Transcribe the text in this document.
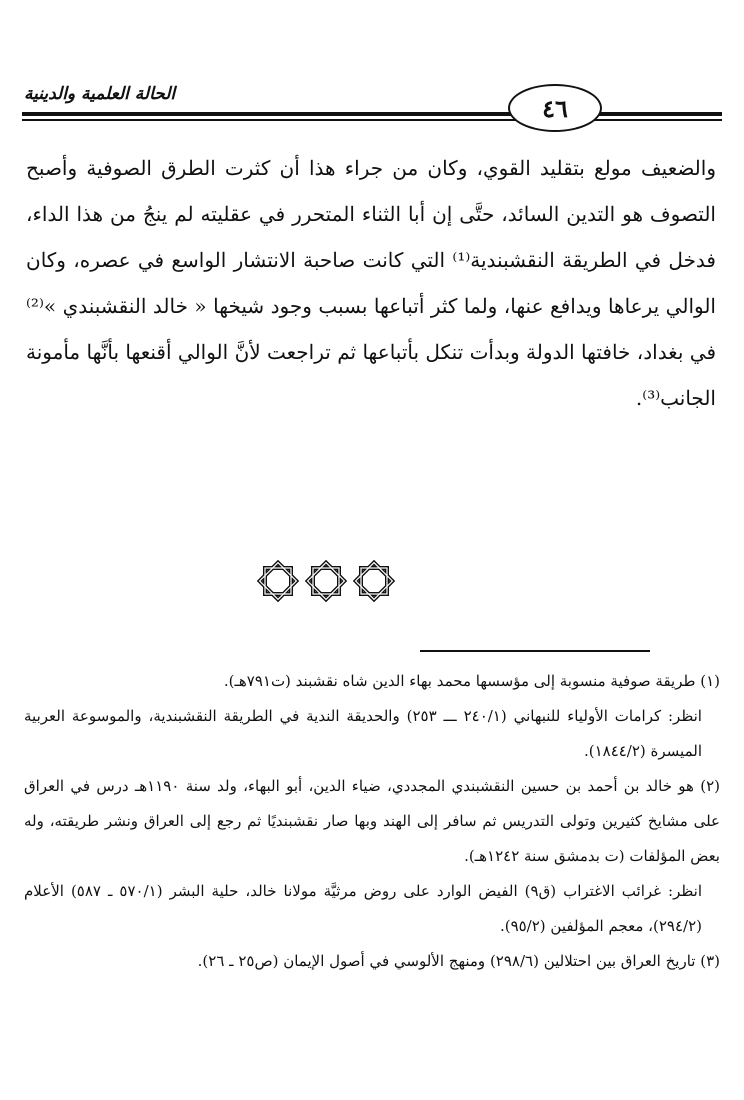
الحالة العلمية والدينية	٤٦

والضعيف مولع بتقليد القوي، وكان من جراء هذا أن كثرت الطرق الصوفية وأصبح التصوف هو التدين السائد، حتَّى إن أبا الثناء المتحرر في عقليته لم ينجُ من هذا الداء، فدخل في الطريقة النقشبندية⁽¹⁾ التي كانت صاحبة الانتشار الواسع في عصره، وكان الوالي يرعاها ويدافع عنها، ولما كثر أتباعها بسبب وجود شيخها « خالد النقشبندي »⁽²⁾ في بغداد، خافتها الدولة وبدأت تنكل بأتباعها ثم تراجعت لأنَّ الوالي أقنعها بأنَّها مأمونة الجانب⁽³⁾.

(١) طريقة صوفية منسوبة إلى مؤسسها محمد بهاء الدين شاه نقشبند (ت٧٩١هـ).

انظر: كرامات الأولياء للنبهاني (٢٤٠/١ ـــ ٢٥٣) والحديقة الندية في الطريقة النقشبندية، والموسوعة العربية الميسرة (١٨٤٤/٢).

(٢) هو خالد بن أحمد بن حسين النقشبندي المجددي، ضياء الدين، أبو البهاء، ولد سنة ١١٩٠هـ درس في العراق على مشايخ كثيرين وتولى التدريس ثم سافر إلى الهند وبها صار نقشبنديًا ثم رجع إلى العراق ونشر طريقته، وله بعض المؤلفات (ت بدمشق سنة ١٢٤٢هـ).

انظر: غرائب الاغتراب (ق٩) الفيض الوارد على روض مرثيَّة مولانا خالد، حلية البشر (٥٧٠/١ ـ ٥٨٧) الأعلام (٢٩٤/٢)، معجم المؤلفين (٩٥/٢).

(٣) تاريخ العراق بين احتلالين (٢٩٨/٦) ومنهج الألوسي في أصول الإيمان (ص٢٥ ـ ٢٦).
